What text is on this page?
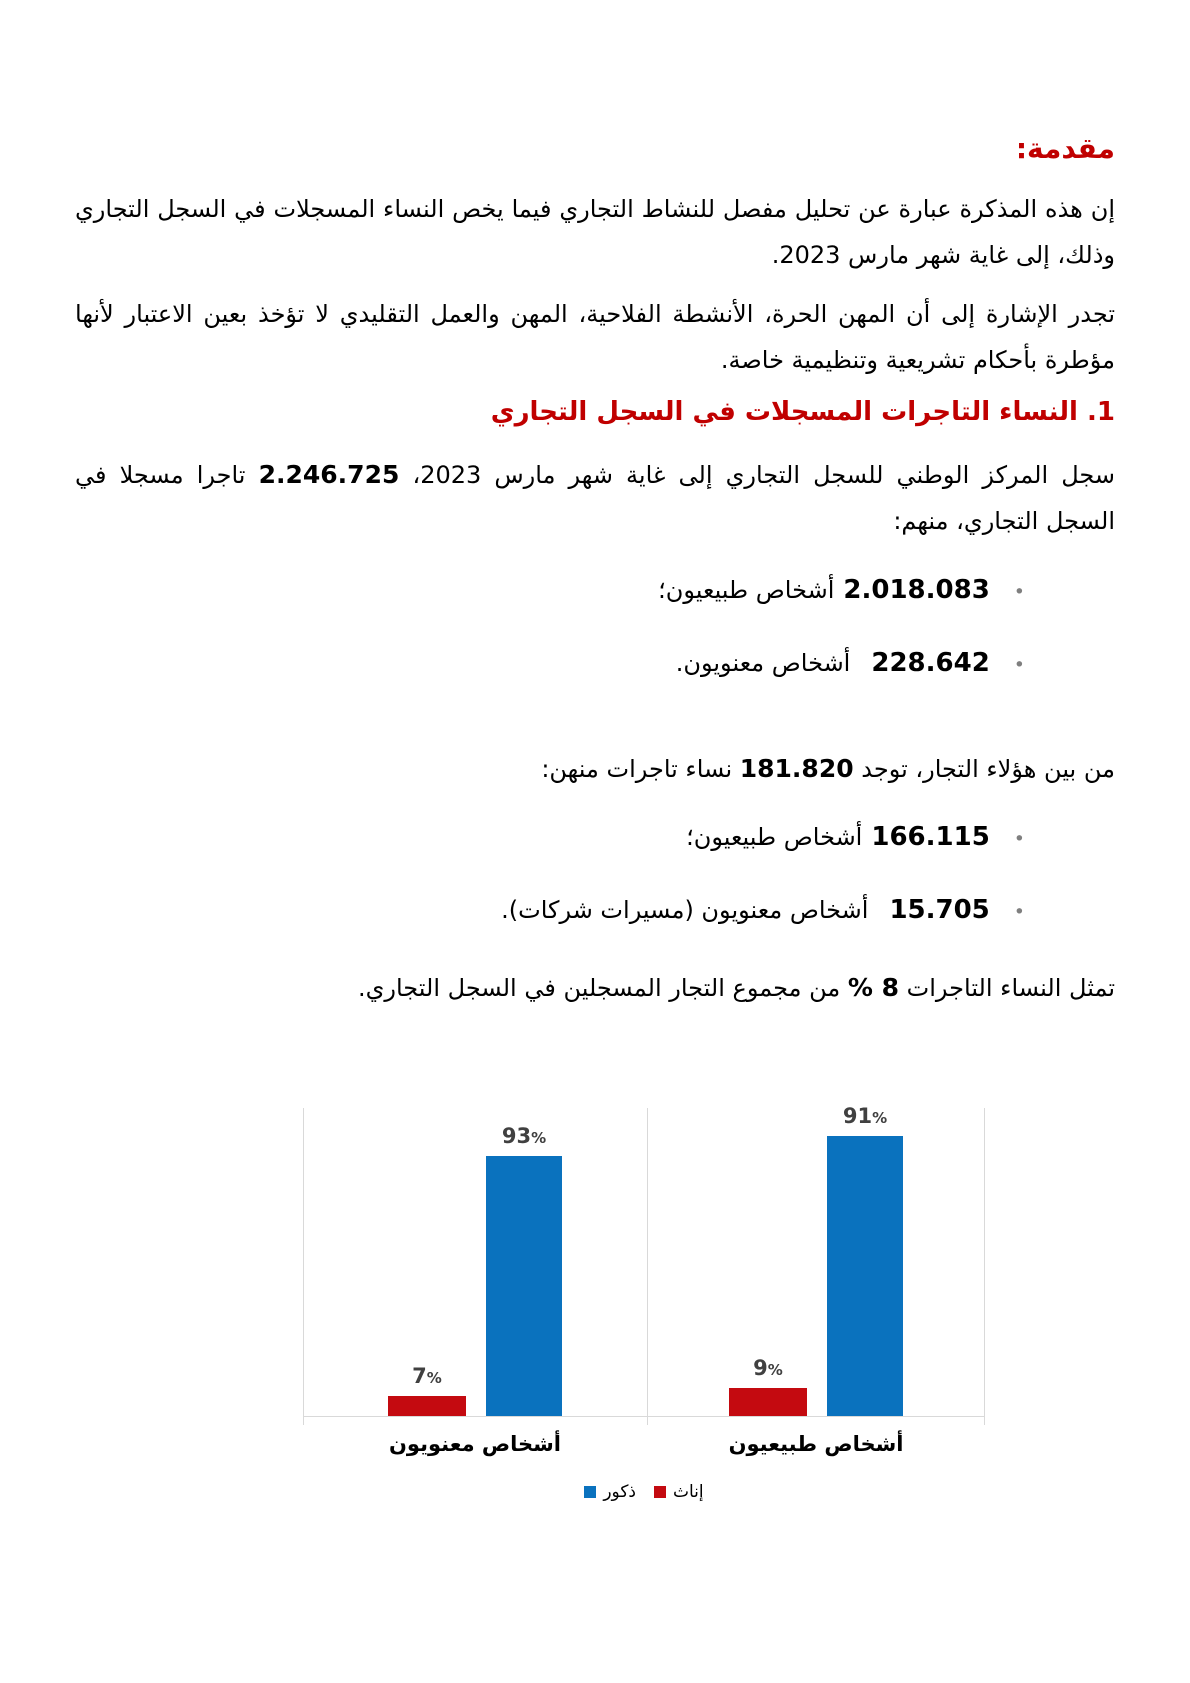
مقدمة:

إن هذه المذكرة عبارة عن تحليل مفصل للنشاط التجاري فيما يخص النساء المسجلات في السجل التجاري وذلك، إلى غاية شهر مارس 2023.

تجدر الإشارة إلى أن المهن الحرة، الأنشطة الفلاحية، المهن والعمل التقليدي لا تؤخذ بعين الاعتبار لأنها مؤطرة بأحكام تشريعية وتنظيمية خاصة.

1. النساء التاجرات المسجلات في السجل التجاري

سجل المركز الوطني للسجل التجاري إلى غاية شهر مارس 2023، 2.246.725 تاجرا مسجلا في السجل التجاري، منهم:

• 2.018.083أشخاص طبيعيون؛
• 228.642أشخاص معنويون.

من بين هؤلاء التجار، توجد 181.820 نساء تاجرات منهن:

• 166.115أشخاص طبيعيون؛
• 15.705أشخاص معنويون (مسيرات شركات).

تمثل النساء التاجرات 8 % من مجموع التجار المسجلين في السجل التجاري.

7%
93%
أشخاص معنويون
9%
91%
أشخاص طبيعيون
ذكور إناث
